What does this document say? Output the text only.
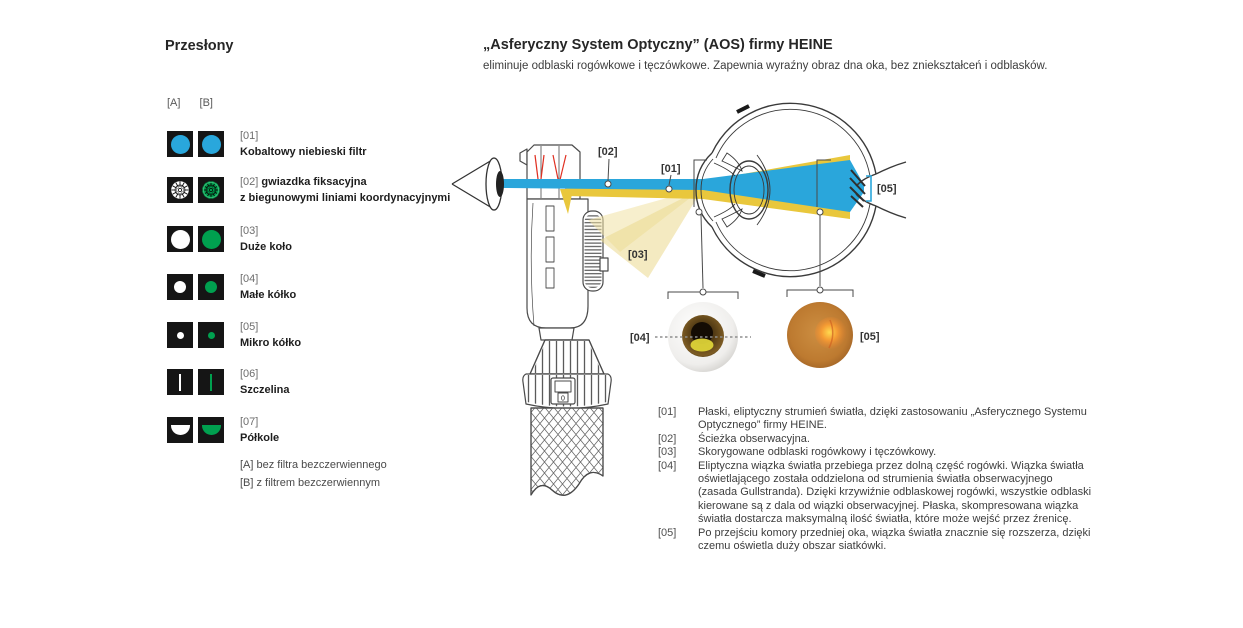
Przesłony
[A] [B]
[01]
Kobaltowy niebieski filtr
[02] gwiazdka fiksacyjna
z biegunowymi liniami koordynacyjnymi
[03]
Duże koło
[04]
Małe kółko
[05]
Mikro kółko
[06]
Szczelina
[07]
Półkole
[A] bez filtra bezczerwiennego
[B] z filtrem bezczerwiennym
„Asferyczny System Optyczny” (AOS) firmy HEINE
eliminuje odblaski rogówkowe i tęczówkowe. Zapewnia wyraźny obraz dna oka, bez zniekształceń i odblasków.
0
[02]
[01]
[03]
[05]
[04]	[05]
[01]	Płaski, eliptyczny strumień światła, dzięki zastosowaniu „Asferycznego Systemu Optycznego” firmy HEINE.
[02]	Ścieżka obserwacyjna.
[03]	Skorygowane odblaski rogówkowy i tęczówkowy.
[04]	Eliptyczna wiązka światła przebiega przez dolną część rogówki. Wiązka światła oświetlającego została oddzielona od strumienia światła obserwacyjnego (zasada Gullstranda). Dzięki krzywiźnie odblaskowej rogówki, wszystkie odblaski kierowane są z dala od wiązki obserwacyjnej. Płaska, skompresowana wiązka światła dostarcza maksymalną ilość światła, które może wejść przez źrenicę.
[05]	Po przejściu komory przedniej oka, wiązka światła znacznie się rozszerza, dzięki czemu oświetla duży obszar siatkówki.
